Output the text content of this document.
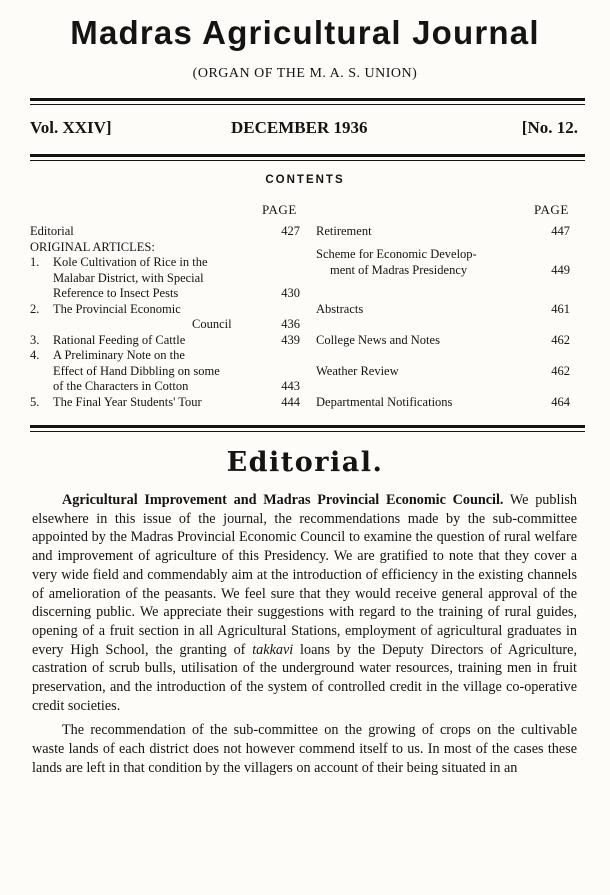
Madras Agricultural Journal
(ORGAN OF THE M. A. S. UNION)
Vol. XXIV]	DECEMBER 1936	[No. 12.
CONTENTS
PAGE	PAGE
Editorial	427
ORIGINAL ARTICLES:
1. Kole Cultivation of Rice in the
Malabar District, with Special
Reference to Insect Pests	430
2. The Provincial Economic
Council	436
3. Rational Feeding of Cattle	439
4. A Preliminary Note on the
Effect of Hand Dibbling on some
of the Characters in Cotton	443
5. The Final Year Students' Tour	444
Retirement	447
Scheme for Economic Develop-
ment of Madras Presidency	449
Abstracts	461
College News and Notes	462
Weather Review	462
Departmental Notifications	464
Editorial.

Agricultural Improvement and Madras Provincial Economic Council. We publish elsewhere in this issue of the journal, the recommendations made by the sub-committee appointed by the Madras Provincial Economic Council to examine the question of rural welfare and improvement of agriculture of this Presidency. We are gratified to note that they cover a very wide field and commendably aim at the introduction of efficiency in the existing channels of amelioration of the peasants. We feel sure that they would receive general approval of the discerning public. We appreciate their suggestions with regard to the training of rural guides, opening of a fruit section in all Agricultural Stations, employment of agricultural graduates in every High School, the granting of takkavi loans by the Deputy Directors of Agriculture, castration of scrub bulls, utilisation of the underground water resources, training men in fruit preservation, and the introduction of the system of controlled credit in the village co-operative credit societies.

The recommendation of the sub-committee on the growing of crops on the cultivable waste lands of each district does not however commend itself to us. In most of the cases these lands are left in that condition by the villagers on account of their being situated in an
